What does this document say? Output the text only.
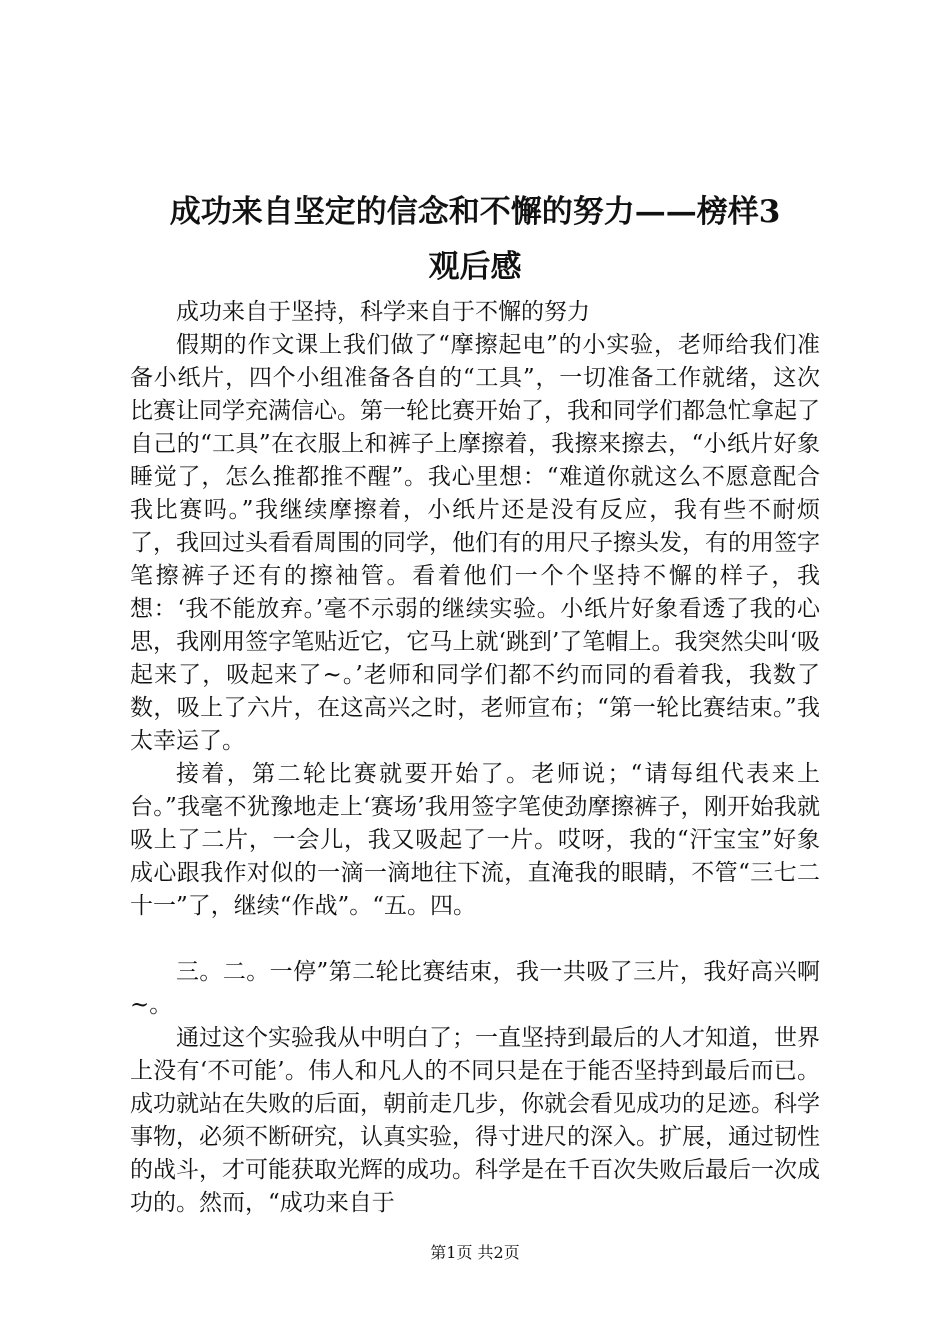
成功来自坚定的信念和不懈的努力——榜样3
观后感

成功来自于坚持，科学来自于不懈的努力

假期的作文课上我们做了“摩擦起电”的小实验，老师给我们准备小纸片，四个小组准备各自的“工具”，一切准备工作就绪，这次比赛让同学充满信心。第一轮比赛开始了，我和同学们都急忙拿起了自己的“工具”在衣服上和裤子上摩擦着，我擦来擦去，“小纸片好象睡觉了，怎么推都推不醒”。我心里想：“难道你就这么不愿意配合我比赛吗。”我继续摩擦着，小纸片还是没有反应，我有些不耐烦了，我回过头看看周围的同学，他们有的用尺子擦头发，有的用签字笔擦裤子还有的擦袖管。看着他们一个个坚持不懈的样子，我想：‘我不能放弃。’毫不示弱的继续实验。小纸片好象看透了我的心思，我刚用签字笔贴近它，它马上就‘跳到’了笔帽上。我突然尖叫‘吸起来了，吸起来了~。’老师和同学们都不约而同的看着我，我数了数，吸上了六片，在这高兴之时，老师宣布；“第一轮比赛结束。”我太幸运了。

接着，第二轮比赛就要开始了。老师说；“请每组代表来上台。”我毫不犹豫地走上‘赛场’我用签字笔使劲摩擦裤子，刚开始我就吸上了二片，一会儿，我又吸起了一片。哎呀，我的“汗宝宝”好象成心跟我作对似的一滴一滴地往下流，直淹我的眼睛，不管“三七二十一”了，继续“作战”。“五。四。

三。二。一停”第二轮比赛结束，我一共吸了三片，我好高兴啊~。

通过这个实验我从中明白了；一直坚持到最后的人才知道，世界上没有‘不可能’。伟人和凡人的不同只是在于能否坚持到最后而已。成功就站在失败的后面，朝前走几步，你就会看见成功的足迹。科学事物，必须不断研究，认真实验，得寸进尺的深入。扩展，通过韧性的战斗，才可能获取光辉的成功。科学是在千百次失败后最后一次成功的。然而，“成功来自于

第1页 共2页
